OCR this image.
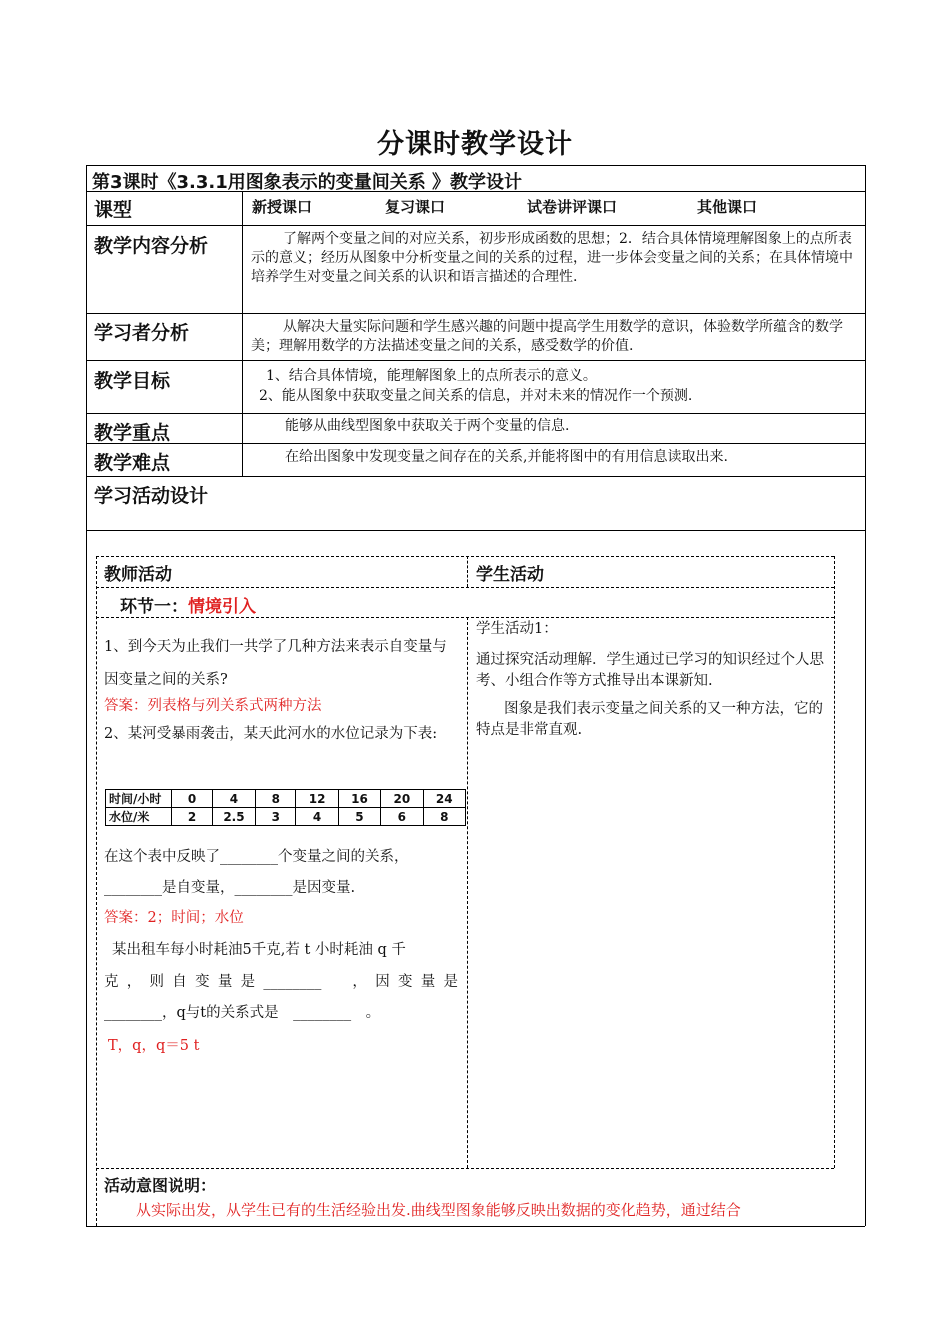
分课时教学设计
第3课时《3.3.1用图象表示的变量间关系 》教学设计
课型	新授课口	复习课口	试卷讲评课口	其他课口
教学内容分析	了解两个变量之间的对应关系，初步形成函数的思想；2．结合具体情境理解图象上的点所表示的意义；经历从图象中分析变量之间的关系的过程，进一步体会变量之间的关系；在具体情境中培养学生对变量之间关系的认识和语言描述的合理性.
学习者分析	从解决大量实际问题和学生感兴趣的问题中提高学生用数学的意识，体验数学所蕴含的数学美；理解用数学的方法描述变量之间的关系，感受数学的价值.
教学目标	1、结合具体情境，能理解图象上的点所表示的意义。
2、能从图象中获取变量之间关系的信息，并对未来的情况作一个预测.
教学重点	能够从曲线型图象中获取关于两个变量的信息.
教学难点	在给出图象中发现变量之间存在的关系,并能将图中的有用信息读取出来.
学习活动设计
教师活动	学生活动
环节一：情境引入
1、到今天为止我们一共学了几种方法来表示自变量与因变量之间的关系?
答案：列表格与列关系式两种方法
2、某河受暴雨袭击，某天此河水的水位记录为下表:
时间/小时	0	4	8	12	16	20	24
水位/米	2	2.5	3	4	5	6	8
在这个表中反映了________个变量之间的关系，
________是自变量，________是因变量.
答案：2；时间；水位
某出租车每小时耗油5千克,若 t 小时耗油 q 千
克，则自变量是________　，因变量是
________，q与t的关系式是　________　。
T，q，q＝5 t
学生活动1：
通过探究活动理解．学生通过已学习的知识经过个人思考、小组合作等方式推导出本课新知.
图象是我们表示变量之间关系的又一种方法，它的特点是非常直观.
活动意图说明：
从实际出发，从学生已有的生活经验出发.曲线型图象能够反映出数据的变化趋势，通过结合
